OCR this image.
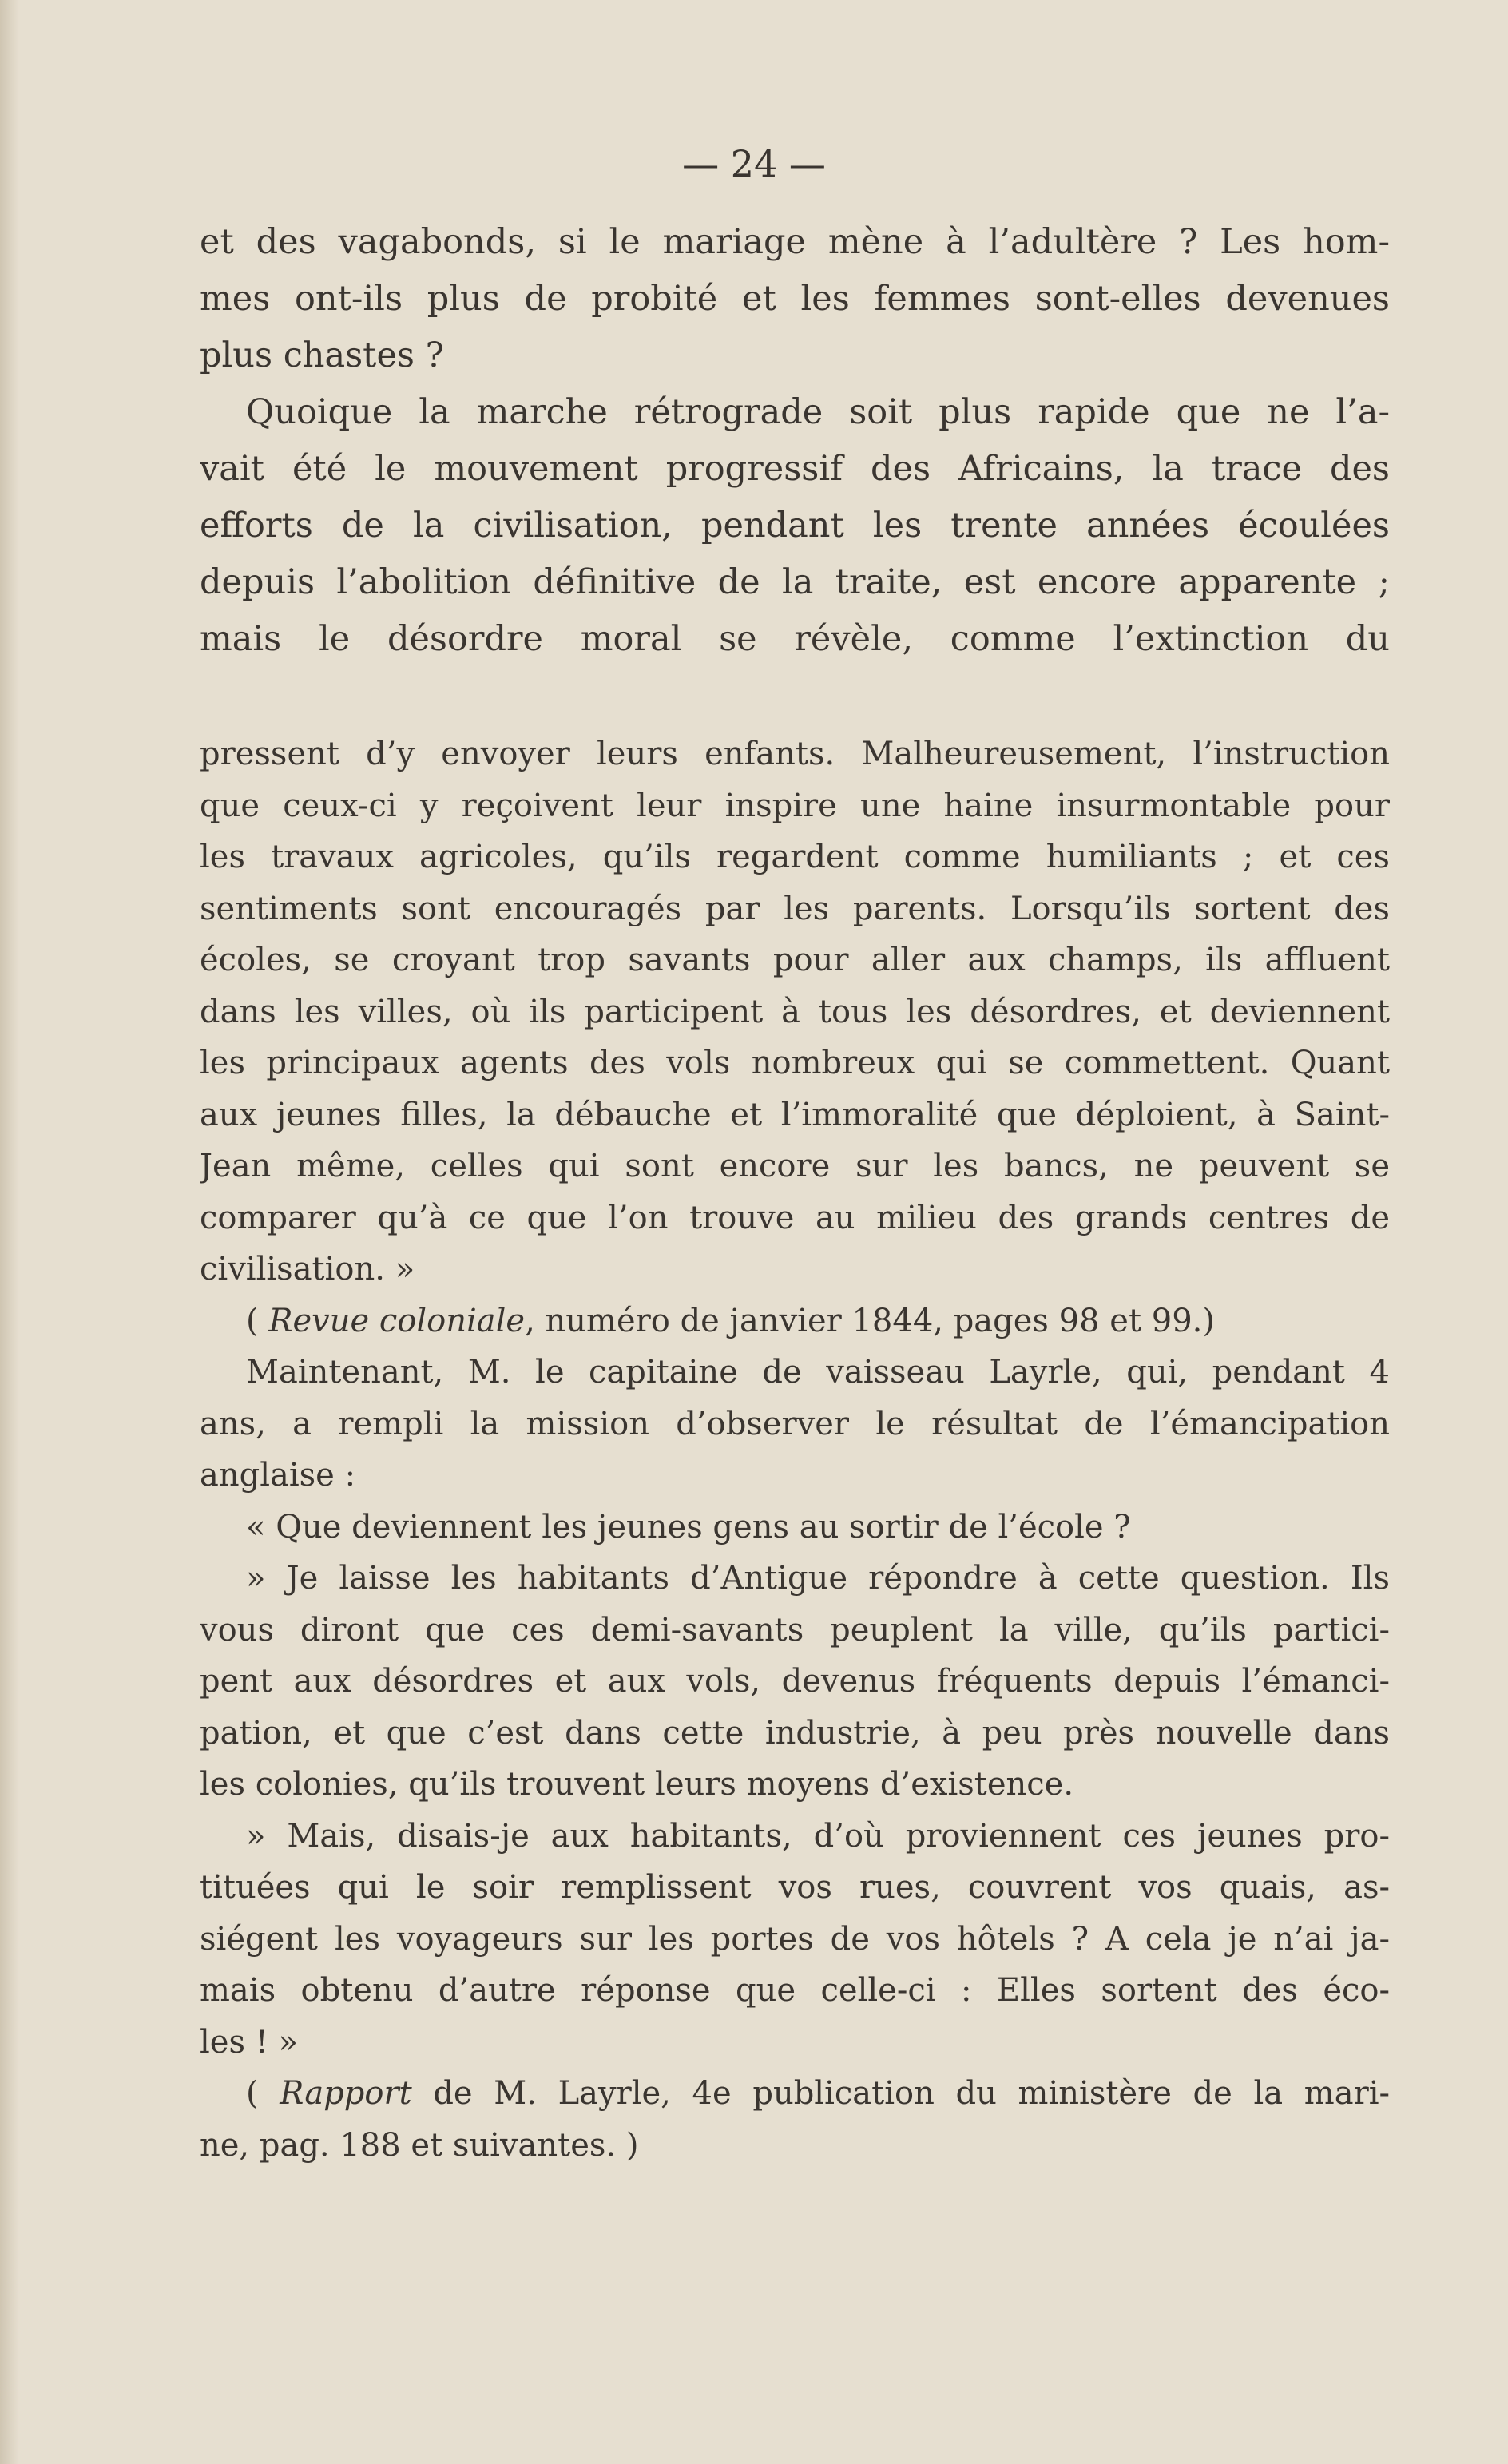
— 24 —
et des vagabonds, si le mariage mène à l’adultère ? Les hom-
mes ont-ils plus de probité et les femmes sont-elles devenues
plus chastes ?
Quoique la marche rétrograde soit plus rapide que ne l’a-
vait été le mouvement progressif des Africains, la trace des
efforts de la civilisation, pendant les trente années écoulées
depuis l’abolition définitive de la traite, est encore apparente ;
mais le désordre moral se révèle, comme l’extinction du
pressent d’y envoyer leurs enfants. Malheureusement, l’instruction
que ceux-ci y reçoivent leur inspire une haine insurmontable pour
les travaux agricoles, qu’ils regardent comme humiliants ; et ces
sentiments sont encouragés par les parents. Lorsqu’ils sortent des
écoles, se croyant trop savants pour aller aux champs, ils affluent
dans les villes, où ils participent à tous les désordres, et deviennent
les principaux agents des vols nombreux qui se commettent. Quant
aux jeunes filles, la débauche et l’immoralité que déploient, à Saint-
Jean même, celles qui sont encore sur les bancs, ne peuvent se
comparer qu’à ce que l’on trouve au milieu des grands centres de
civilisation. »
( Revue coloniale, numéro de janvier 1844, pages 98 et 99.)
Maintenant, M. le capitaine de vaisseau Layrle, qui, pendant 4
ans, a rempli la mission d’observer le résultat de l’émancipation
anglaise :
« Que deviennent les jeunes gens au sortir de l’école ?
» Je laisse les habitants d’Antigue répondre à cette question. Ils
vous diront que ces demi-savants peuplent la ville, qu’ils partici-
pent aux désordres et aux vols, devenus fréquents depuis l’émanci-
pation, et que c’est dans cette industrie, à peu près nouvelle dans
les colonies, qu’ils trouvent leurs moyens d’existence.
» Mais, disais-je aux habitants, d’où proviennent ces jeunes pro-
tituées qui le soir remplissent vos rues, couvrent vos quais, as-
siégent les voyageurs sur les portes de vos hôtels ? A cela je n’ai ja-
mais obtenu d’autre réponse que celle-ci : Elles sortent des éco-
les ! »
( Rapport de M. Layrle, 4e publication du ministère de la mari-
ne, pag. 188 et suivantes. )
